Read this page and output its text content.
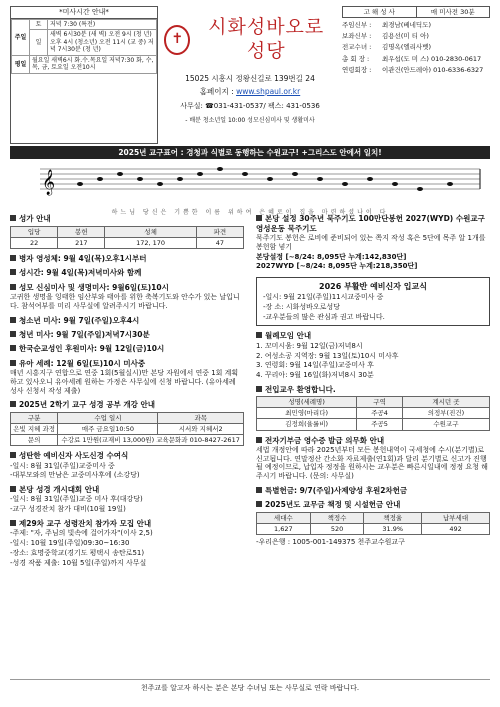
*미사시간 안내*
주일	토	저녁 7:30 (특전)
	일	새벽 6시30분 (새 벽) 오전 9시 (청 년) 오후 4시 (청소년) 오전 11시 (교 중) 저녁 7시30분 (청 년)
평일	월요일 새벽6시 화.수.목요일 저녁7:30 화, 수, 목, 금, 토요일 오전10시	
✝
시화성바오로 성당
15025 시흥시 정왕신길로 139번길 24
홈페이지 : www.shpaul.or.kr
사무실: ☎031-431-0537/ 팩스: 431-0536
- 배분 청소년일 10:00 성모신심미사 및 생활미사
고 해 성 사	매 미사전 30분
주임신부 :	최경남(베네딕도)
보좌신부 :	김용선(미 티 아)
전교수녀 :	김명옥(엘리사벳)
총 회 장 :	최우섭(도 미 스) 010-2830-0617
연령회장 :	이관건(안드레아) 010-6336-6327
2025년 교구표어 : 경청과 식별로 동행하는 수원교구! +그리스도 안에서 일치!
𝄞
하느님 당신은 기쁨한 이름 위하여 은혜로이 집을 마련하셨나이 다
성가 안내
입당	봉헌	성체	파견
22	217	172, 170	47
병자 영성체: 9월 4일(목)오후1시부터
성시간: 9월 4일(목)저녁미사와 함께
성모 신심미사 및 생명미사: 9월6일(토)10시
고귀한 생명을 잉태한 임산부와 태아를 위한 축복기도와 안수가 있는 날입니다. 참석여부를 미리 사무실에 알려주시기 바랍니다.
청소년 미사: 9월 7일(주일)오후4시
청년 미사: 9월 7일(주일)저녁7시30분
한국순교성인 후원미사: 9월 12일(금)10시
유아 세례: 12월 6일(토)10시 미사중
매년 시흥지구 연합으로 연중 1회(5월실시)만 본당 자원에서 연중 1회 계획하고 있사오니 유아세례 원하는 가정은 사무실에 신청 바랍니다. (유아세례 성사 신청서 작성 제출)
2025년 2학기 교구 성경 공부 개강 안내
구분	수업 일시	과목
은빛 지혜 과정	매주 금요일10:50	시서와 지혜서2
문의	수강료 1만원(교재비 13,000원) 교육문화과 010-8427-2617	
성탄한 예비신자 사도신경 수여식
-일시: 8월 31일(주일)교중미사 중
-대부모와의 만남은 교중미사후에 (소강당)
본당 성경 개시대회 안내
-일시: 8월 31일(주일)교중 미사 후(대강당)
-교구 성경잔치 참가 대비(10월 19일)
제29차 교구 성령잔치 참가자 모집 안내
-주제: "자, 주님의 빛속에 걸어가자"(이사 2,5)
-일시: 10월 19일(주일)09:30~16:30
-장소: 효명중학교(경기도 평택시 송탄로51)
-성경 작품 제출: 10월 5일(주일)까지 사무실
본당 설정 30주년 묵주기도 100만단봉헌 2027(WYD) 수원교구 영성운동 묵주기도
묵주기도 봉헌은 로비에 준비되어 있는 쪽지 작성 혹은 5단에 목주 알 1개를 봉헌함 넣기
본당설정 [~8/24: 8,095단 누계:142,830단]
2027WYD [~8/24: 8,095단 누계:218,350단]
2026 부활반 예비신자 입교식
-일시: 9월 21일(주일)11시교중미사 중
-장 소: 시화성바오로성당
-교우분들의 많은 관심과 권고 바랍니다.
월례모임 안내
1. 꼬미시움: 9월 12일(금)저녁8시
2. 여성소공 지역장: 9월 13일(토)10시 미사후
3. 연령회: 9월 14일(주일)교중미사 후
4. 꾸리아: 9월 16일(화)저녁8시 30분
전입교우 환영합니다.
성명(세례명)	구역	계시던 곳
최민영(마리다)	주공4	의정부(진건)
김정희(율롤비)	주공5	수원교구
전자기부금 영수증 발급 의무화 안내
세법 개정안에 따라 2025년부터 모든 봉헌내역이 국세청에 수시(분기별)로 신고됩니다. 연말정산 간소화 자료제출(연1회)과 달리 분기별로 신고가 진행될 예정이므로, 납입자 정정을 원하시는 교우분은 빠른시일내에 정정 요청 해 주시기 바랍니다. (문의: 사무실)
특별헌금: 9/7(주일)사제양성 후원2차헌금
2025년도 교무금 책정 및 시설헌금 안내
세대수	책정수	책정율	납부세대
1,627	520	31.9%	492
-우리은행 : 1005-001-149375 천주교수원교구
천주교를 알고자 하시는 분은 본당 수녀님 또는 사무실로 연락 바랍니다.
